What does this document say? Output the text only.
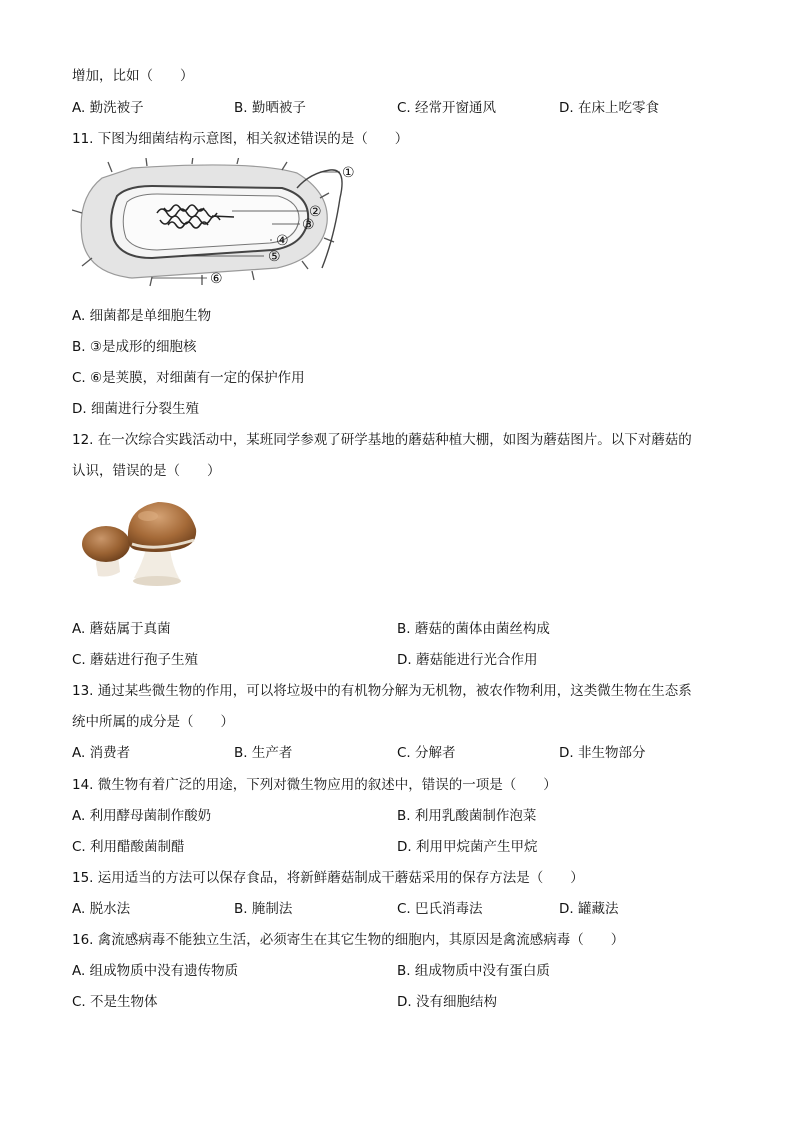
增加，比如（　　）
A. 勤洗被子	B. 勤晒被子	C. 经常开窗通风	D. 在床上吃零食
11. 下图为细菌结构示意图，相关叙述错误的是（　　）
①
②
③
④
⑤
⑥
A. 细菌都是单细胞生物
B. ③是成形的细胞核
C. ⑥是荚膜，对细菌有一定的保护作用
D. 细菌进行分裂生殖
12. 在一次综合实践活动中，某班同学参观了研学基地的蘑菇种植大棚，如图为蘑菇图片。以下对蘑菇的
认识，错误的是（　　）
A. 蘑菇属于真菌	B. 蘑菇的菌体由菌丝构成
C. 蘑菇进行孢子生殖	D. 蘑菇能进行光合作用
13. 通过某些微生物的作用，可以将垃圾中的有机物分解为无机物，被农作物利用，这类微生物在生态系
统中所属的成分是（　　）
A. 消费者	B. 生产者	C. 分解者	D. 非生物部分
14. 微生物有着广泛的用途，下列对微生物应用的叙述中，错误的一项是（　　）
A. 利用酵母菌制作酸奶	B. 利用乳酸菌制作泡菜
C. 利用醋酸菌制醋	D. 利用甲烷菌产生甲烷
15. 运用适当的方法可以保存食品，将新鲜蘑菇制成干蘑菇采用的保存方法是（　　）
A. 脱水法	B. 腌制法	C. 巴氏消毒法	D. 罐藏法
16. 禽流感病毒不能独立生活，必须寄生在其它生物的细胞内，其原因是禽流感病毒（　　）
A. 组成物质中没有遗传物质	B. 组成物质中没有蛋白质
C. 不是生物体	D. 没有细胞结构
